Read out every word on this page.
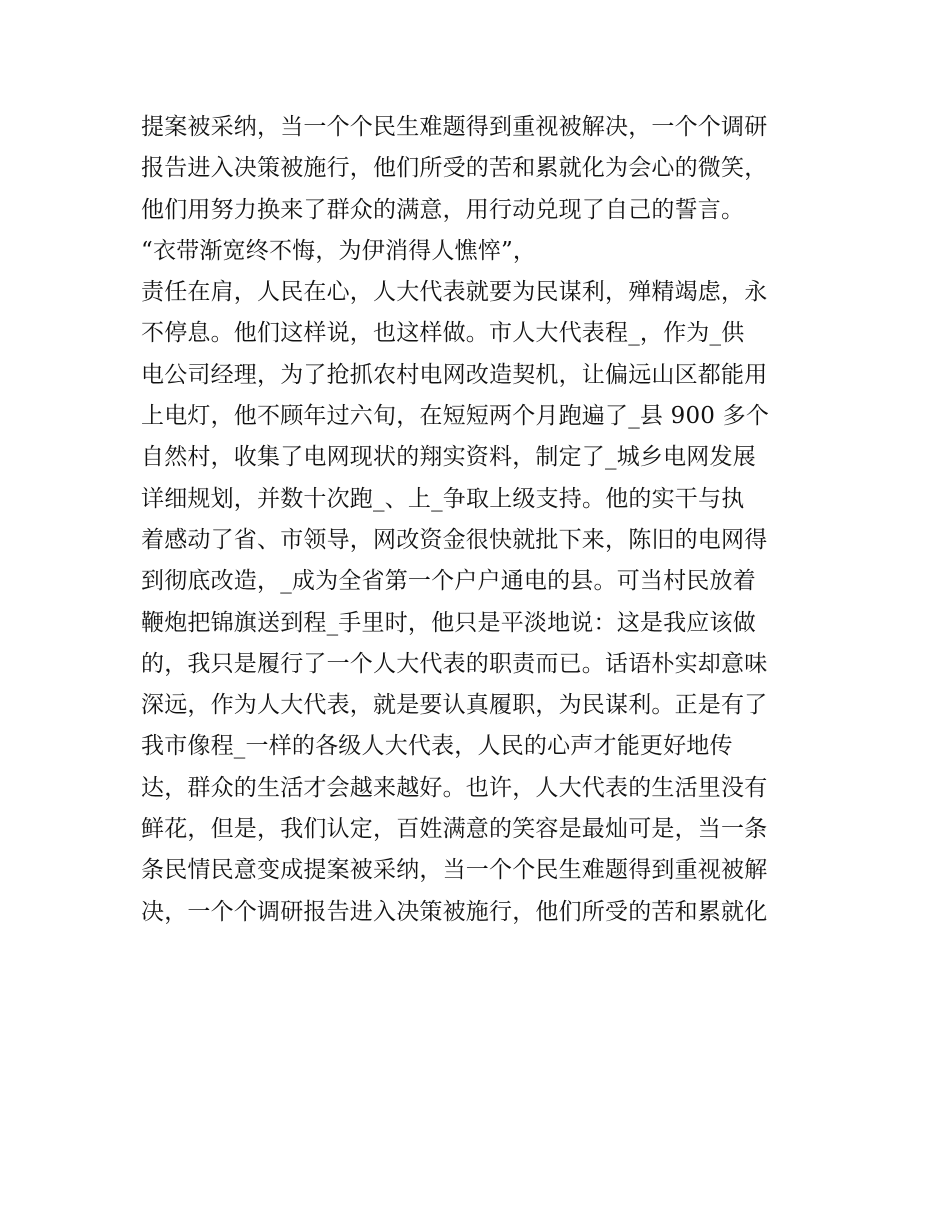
提案被采纳，当一个个民生难题得到重视被解决，一个个调研
报告进入决策被施行，他们所受的苦和累就化为会心的微笑，
他们用努力换来了群众的满意，用行动兑现了自己的誓言。
“衣带渐宽终不悔，为伊消得人憔悴”，
责任在肩，人民在心，人大代表就要为民谋利，殚精竭虑，永
不停息。他们这样说，也这样做。市人大代表程_，作为_供
电公司经理，为了抢抓农村电网改造契机，让偏远山区都能用
上电灯，他不顾年过六旬，在短短两个月跑遍了_县 900 多个
自然村，收集了电网现状的翔实资料，制定了_城乡电网发展
详细规划，并数十次跑_、上_争取上级支持。他的实干与执
着感动了省、市领导，网改资金很快就批下来，陈旧的电网得
到彻底改造，_成为全省第一个户户通电的县。可当村民放着
鞭炮把锦旗送到程_手里时，他只是平淡地说：这是我应该做
的，我只是履行了一个人大代表的职责而已。话语朴实却意味
深远，作为人大代表，就是要认真履职，为民谋利。正是有了
我市像程_一样的各级人大代表，人民的心声才能更好地传
达，群众的生活才会越来越好。也许，人大代表的生活里没有
鲜花，但是，我们认定，百姓满意的笑容是最灿可是，当一条
条民情民意变成提案被采纳，当一个个民生难题得到重视被解
决，一个个调研报告进入决策被施行，他们所受的苦和累就化
